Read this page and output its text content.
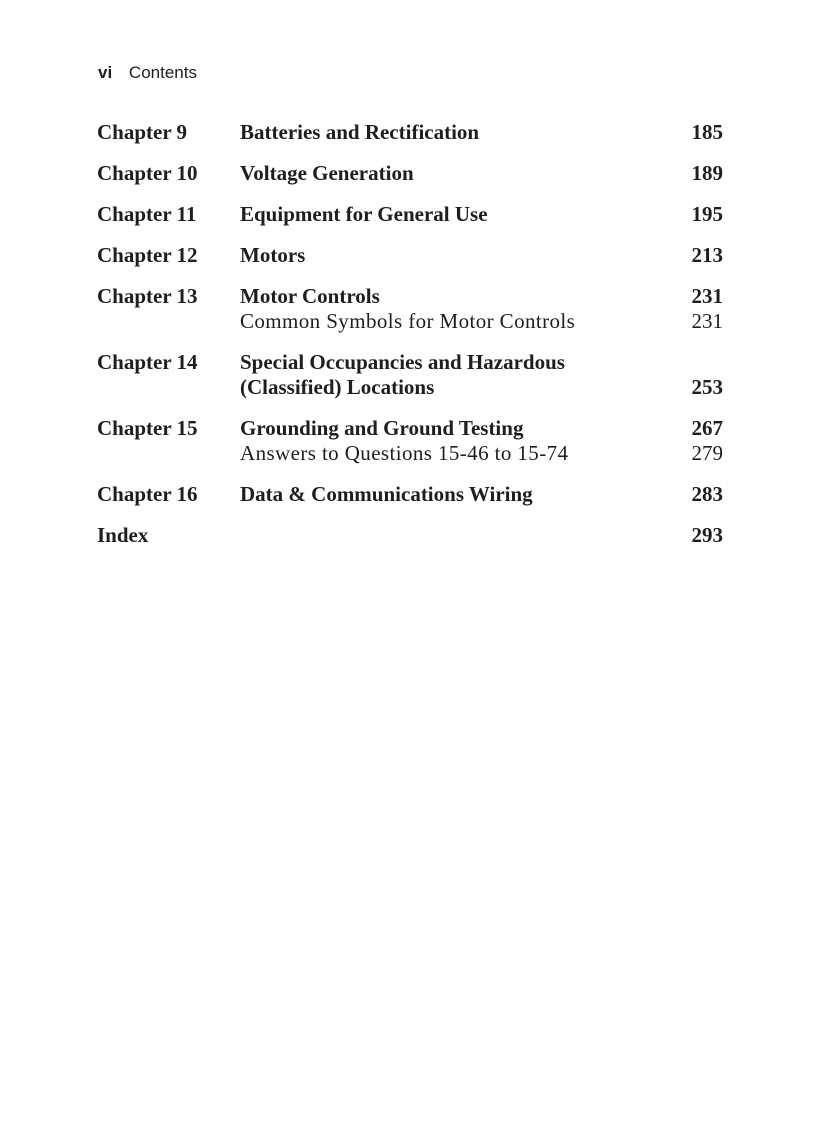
vi Contents
Chapter 9	Batteries and Rectification	185
Chapter 10	Voltage Generation	189
Chapter 11	Equipment for General Use	195
Chapter 12	Motors	213
Chapter 13	Motor Controls	231
Common Symbols for Motor Controls	231
Chapter 14	Special Occupancies and Hazardous
(Classified) Locations	253
Chapter 15	Grounding and Ground Testing	267
Answers to Questions 15-46 to 15-74	279
Chapter 16	Data & Communications Wiring	283
Index	293
